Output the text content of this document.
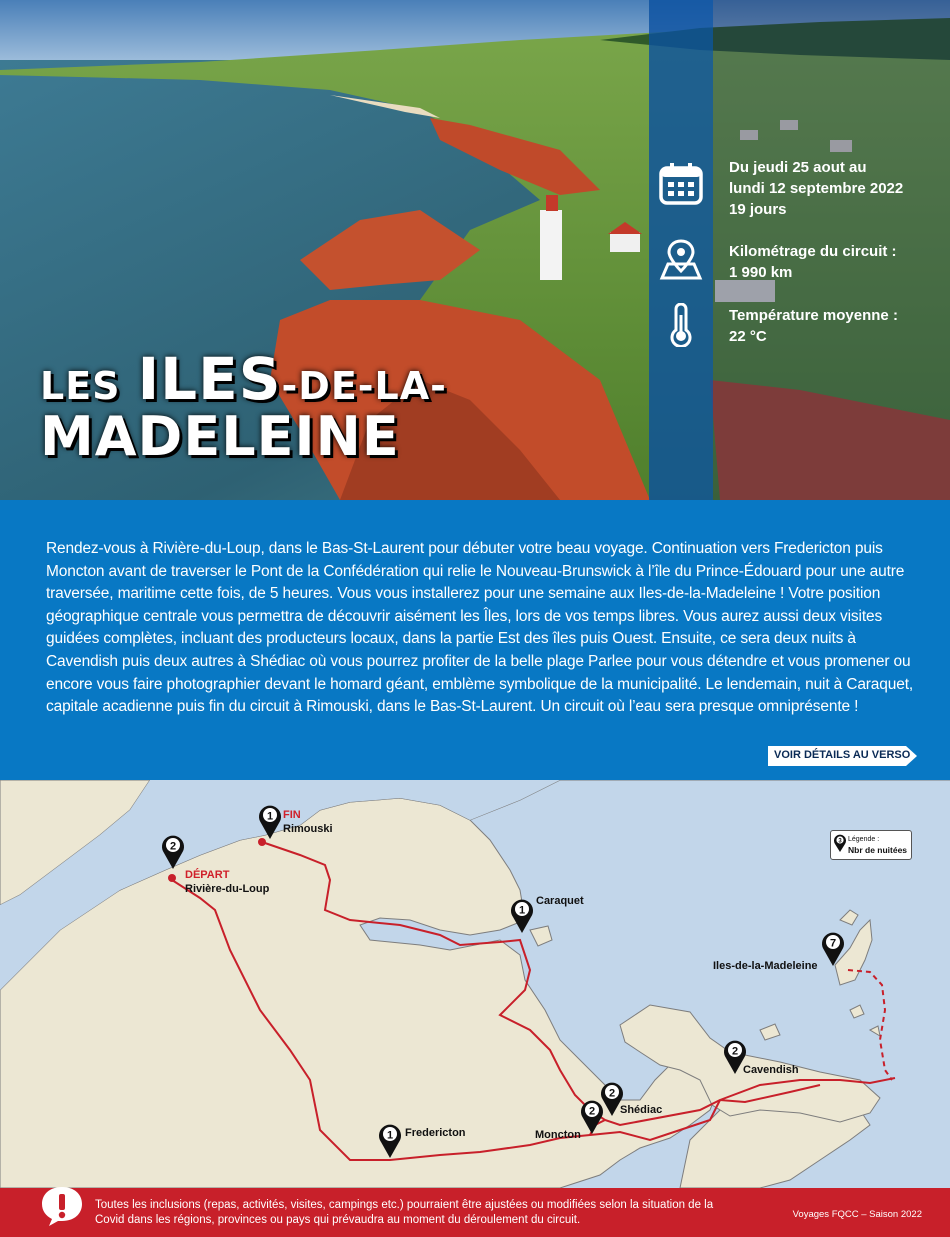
LES ILES-DE-LA-
MADELEINE
Du jeudi 25 aout au
lundi 12 septembre 2022
19 jours
Kilométrage du circuit :
1 990 km
Température moyenne :
22 °C
Rendez-vous à Rivière-du-Loup, dans le Bas-St-Laurent pour débuter votre beau voyage. Continuation vers Fredericton puis Moncton avant de traverser le Pont de la Confédération qui relie le Nouveau-Brunswick à l’île du Prince-Édouard pour une autre traversée, maritime cette fois, de 5 heures. Vous vous installerez pour une semaine aux Iles-de-la-Madeleine ! Votre position géographique centrale vous permettra de découvrir aisément les Îles, lors de vos temps libres. Vous aurez aussi deux visites guidées complètes, incluant des producteurs locaux, dans la partie Est des îles puis Ouest. Ensuite, ce sera deux nuits à Cavendish puis deux autres à Shédiac où vous pourrez profiter de la belle plage Parlee pour vous détendre et vous promener ou encore vous faire photographier devant le homard géant, emblème symbolique de la municipalité. Le lendemain, nuit à Caraquet, capitale acadienne puis fin du circuit à Rimouski, dans le Bas-St-Laurent. Un circuit où l’eau sera presque omniprésente !
VOIR DÉTAILS AU VERSO
1 FIN
Rimouski
2
DÉPART
Rivière-du-Loup
1
Caraquet
7
Iles-de-la-Madeleine
2
Cavendish
2
Shédiac
2
Moncton
1 Fredericton
3 Légende :
Nbr de nuitées
Toutes les inclusions (repas, activités, visites, campings etc.) pourraient être ajustées ou modifiées selon la situation de la Covid dans les régions, provinces ou pays qui prévaudra au moment du déroulement du circuit.	Voyages FQCC – Saison 2022
